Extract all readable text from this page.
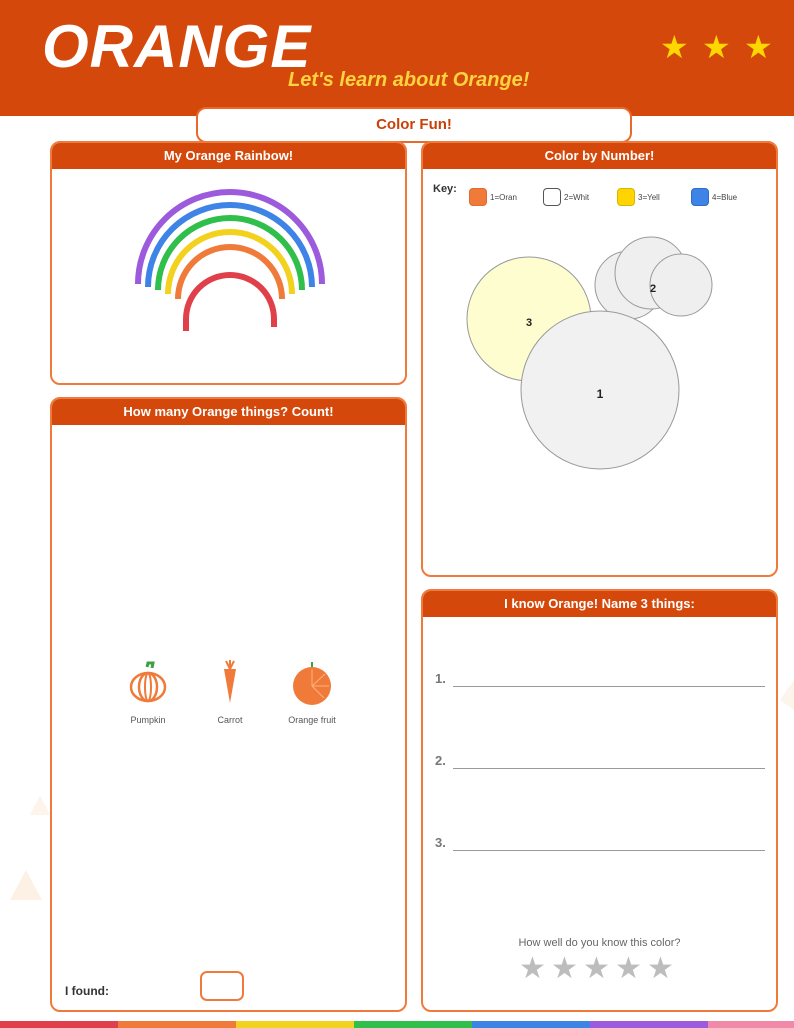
ORANGE
Let's learn about Orange!
★ ★ ★
Color Fun!
My Orange Rainbow!	Color by Number!
Key:
1=Oran	2=Whit	3=Yell	4=Blue
3
2
1
How many Orange things? Count!
Pumpkin	Carrot	Orange fruit
I found:
I know Orange! Name 3 things:
1.
2.
3.
How well do you know this color?
★ ★ ★ ★ ★
